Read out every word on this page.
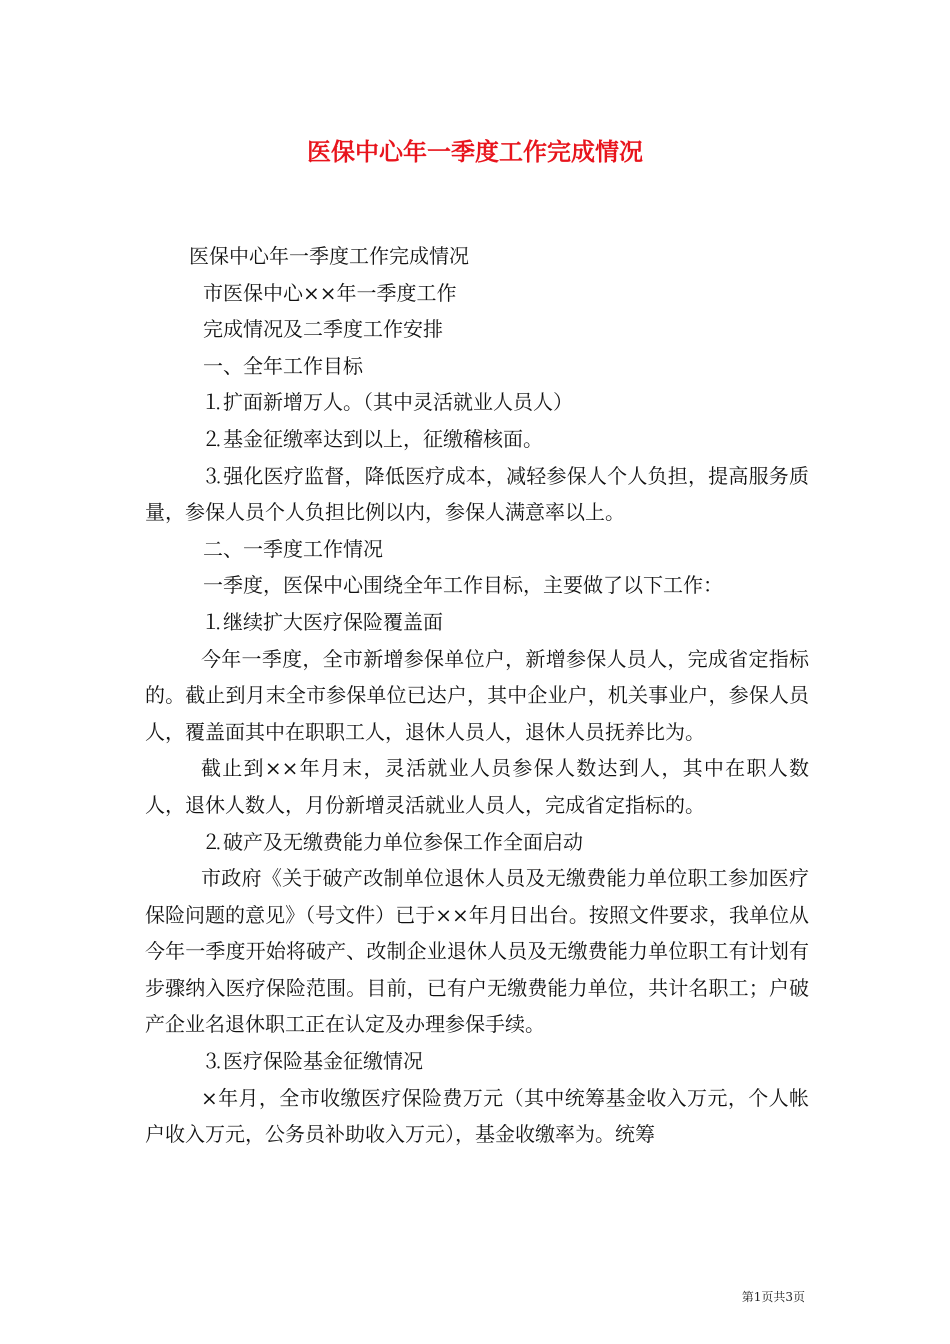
医保中心年一季度工作完成情况

医保中心年一季度工作完成情况

市医保中心××年一季度工作

完成情况及二季度工作安排

一、全年工作目标

⒈扩面新增万人。（其中灵活就业人员人）

⒉基金征缴率达到以上，征缴稽核面。

⒊强化医疗监督，降低医疗成本，减轻参保人个人负担，提高服务质量，参保人员个人负担比例以内，参保人满意率以上。

二、一季度工作情况

一季度，医保中心围绕全年工作目标，主要做了以下工作：

⒈继续扩大医疗保险覆盖面

今年一季度，全市新增参保单位户，新增参保人员人，完成省定指标的。截止到月末全市参保单位已达户，其中企业户，机关事业户，参保人员人，覆盖面其中在职职工人，退休人员人，退休人员抚养比为。

截止到××年月末，灵活就业人员参保人数达到人，其中在职人数人，退休人数人，月份新增灵活就业人员人，完成省定指标的。

⒉破产及无缴费能力单位参保工作全面启动

市政府《关于破产改制单位退休人员及无缴费能力单位职工参加医疗保险问题的意见》（号文件）已于××年月日出台。按照文件要求，我单位从今年一季度开始将破产、改制企业退休人员及无缴费能力单位职工有计划有步骤纳入医疗保险范围。目前，已有户无缴费能力单位，共计名职工；户破产企业名退休职工正在认定及办理参保手续。

⒊医疗保险基金征缴情况

×年月，全市收缴医疗保险费万元（其中统筹基金收入万元，个人帐户收入万元，公务员补助收入万元），基金收缴率为。统筹

第1页共3页
